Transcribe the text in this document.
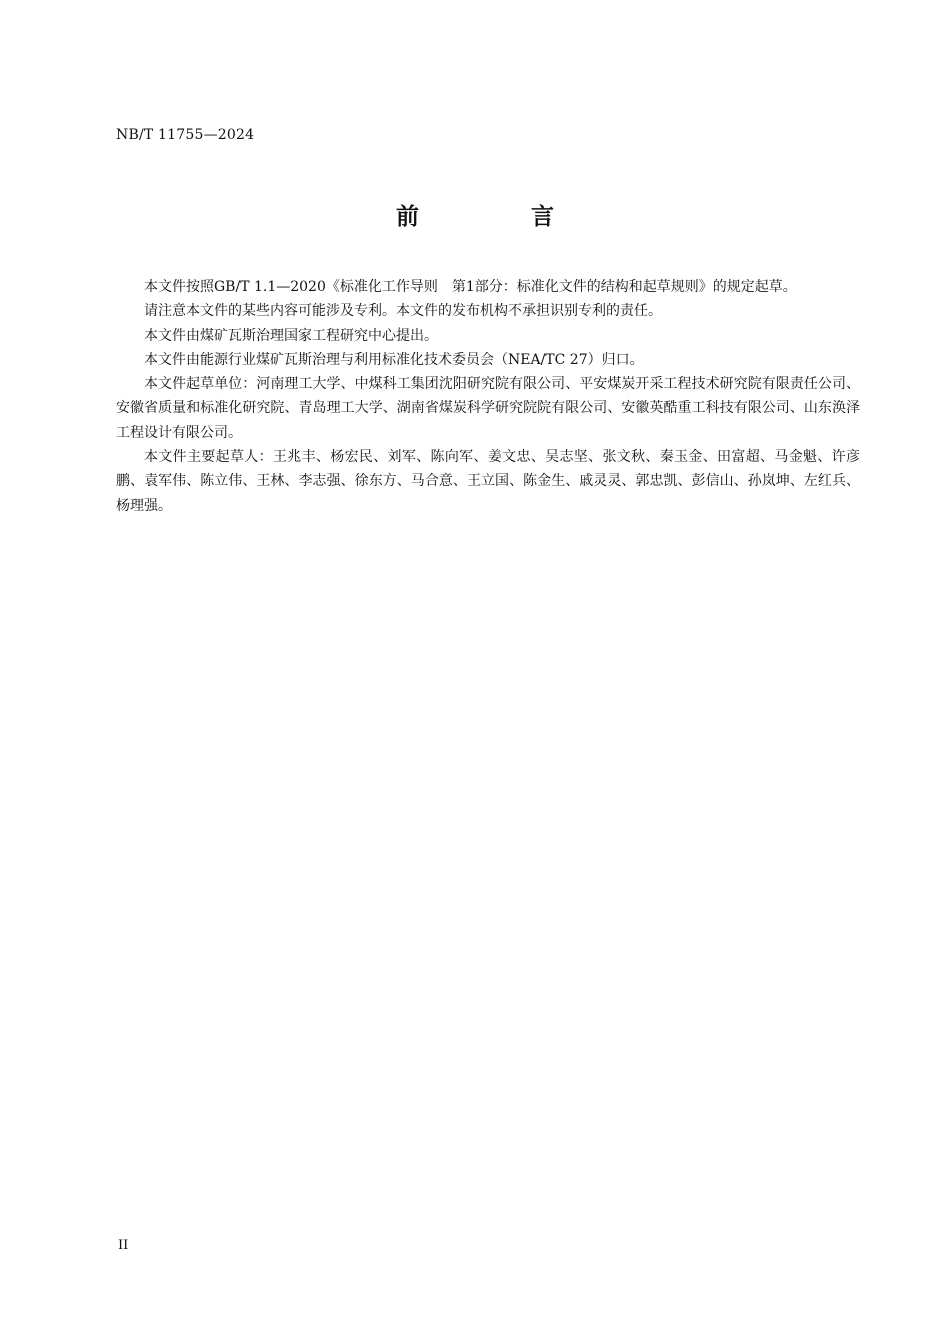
NB/T 11755—2024
前 言

本文件按照GB/T 1.1—2020《标准化工作导则　第1部分：标准化文件的结构和起草规则》的规定起草。

请注意本文件的某些内容可能涉及专利。本文件的发布机构不承担识别专利的责任。

本文件由煤矿瓦斯治理国家工程研究中心提出。

本文件由能源行业煤矿瓦斯治理与利用标准化技术委员会（NEA/TC 27）归口。

本文件起草单位：河南理工大学、中煤科工集团沈阳研究院有限公司、平安煤炭开采工程技术研究院有限责任公司、安徽省质量和标准化研究院、青岛理工大学、湖南省煤炭科学研究院院有限公司、安徽英酷重工科技有限公司、山东涣泽工程设计有限公司。

本文件主要起草人：王兆丰、杨宏民、刘军、陈向军、姜文忠、吴志坚、张文秋、秦玉金、田富超、马金魁、许彦鹏、袁军伟、陈立伟、王林、李志强、徐东方、马合意、王立国、陈金生、戚灵灵、郭忠凯、彭信山、孙岚坤、左红兵、杨理强。

II
